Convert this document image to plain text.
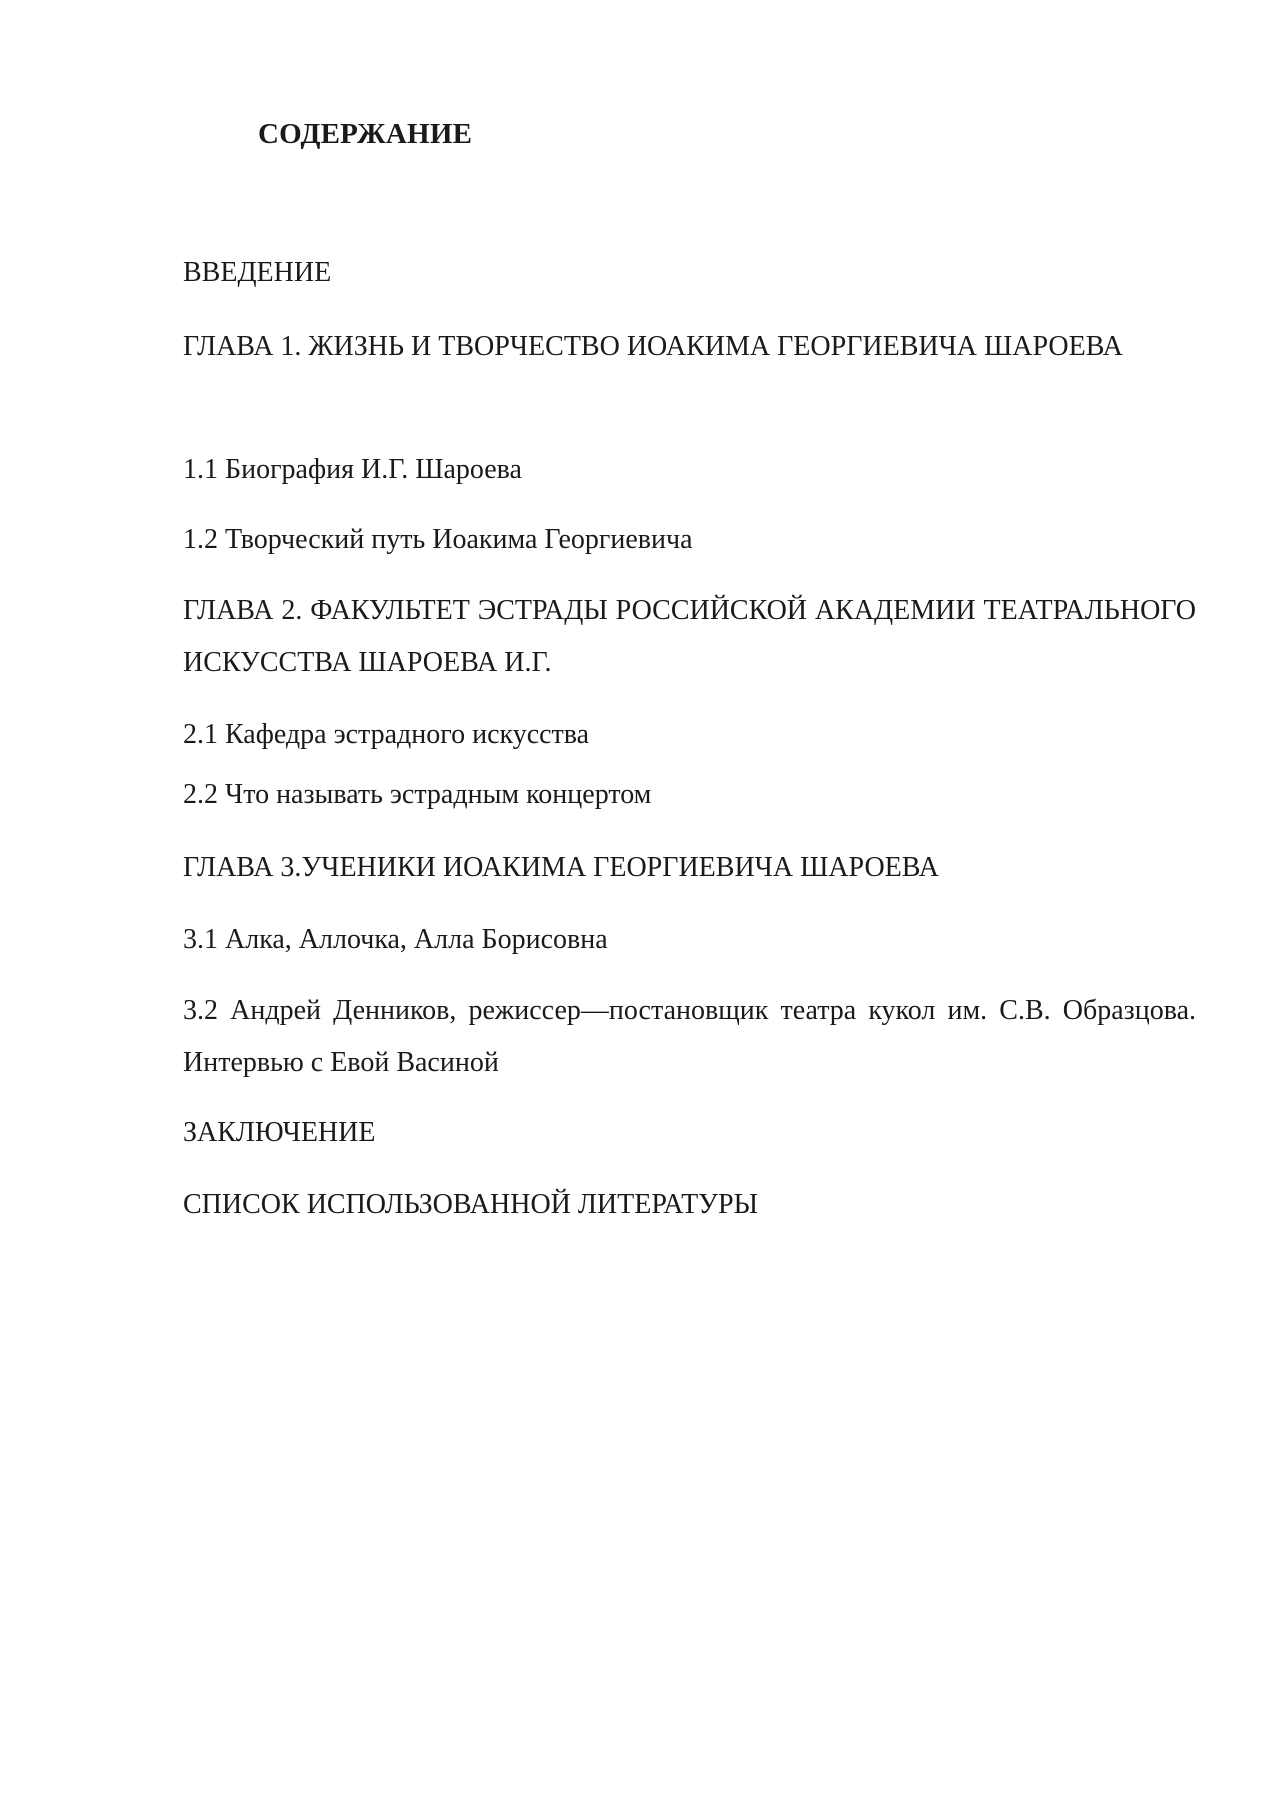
СОДЕРЖАНИЕ

ВВЕДЕНИЕ

ГЛАВА 1. ЖИЗНЬ И ТВОРЧЕСТВО ИОАКИМА ГЕОРГИЕВИЧА ШАРОЕВА

1.1 Биография И.Г. Шароева

1.2 Творческий путь Иоакима Георгиевича

ГЛАВА 2. ФАКУЛЬТЕТ ЭСТРАДЫ РОССИЙСКОЙ АКАДЕМИИ ТЕАТРАЛЬНОГО ИСКУССТВА ШАРОЕВА И.Г.

2.1 Кафедра эстрадного искусства

2.2 Что называть эстрадным концертом

ГЛАВА 3.УЧЕНИКИ ИОАКИМА ГЕОРГИЕВИЧА ШАРОЕВА

3.1 Алка, Аллочка, Алла Борисовна

3.2 Андрей Денников, режиссер—постановщик театра кукол им. С.В. Образцова. Интервью с Евой Васиной

ЗАКЛЮЧЕНИЕ

СПИСОК ИСПОЛЬЗОВАННОЙ ЛИТЕРАТУРЫ
